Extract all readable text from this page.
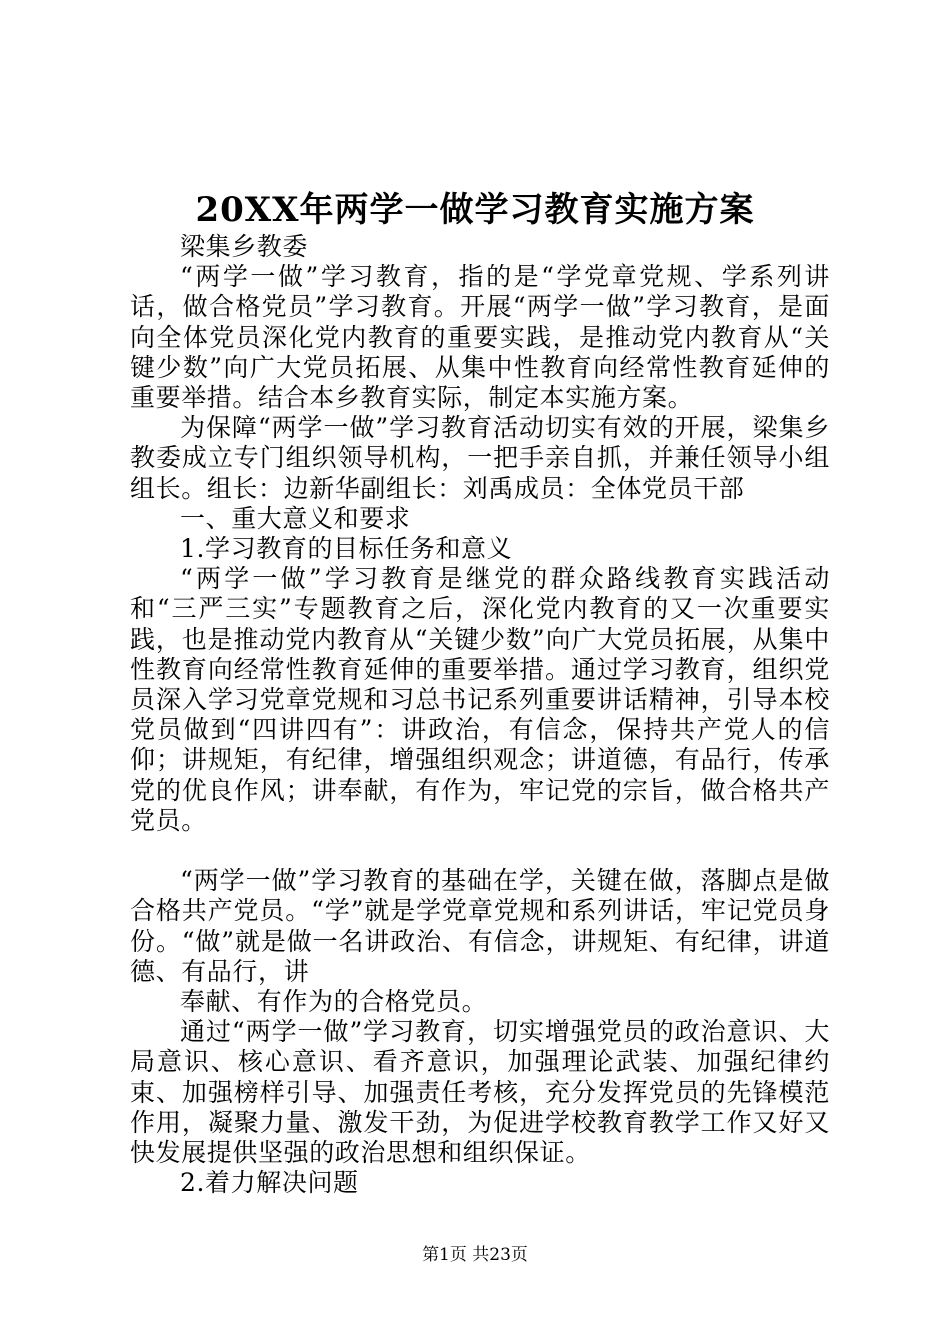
20XX年两学一做学习教育实施方案

梁集乡教委

“两学一做”学习教育，指的是“学党章党规、学系列讲话，做合格党员”学习教育。开展“两学一做”学习教育，是面向全体党员深化党内教育的重要实践，是推动党内教育从“关键少数”向广大党员拓展、从集中性教育向经常性教育延伸的重要举措。结合本乡教育实际，制定本实施方案。

为保障“两学一做”学习教育活动切实有效的开展，梁集乡教委成立专门组织领导机构，一把手亲自抓，并兼任领导小组组长。组长：边新华副组长：刘禹成员：全体党员干部

一、重大意义和要求

1.学习教育的目标任务和意义

“两学一做”学习教育是继党的群众路线教育实践活动和“三严三实”专题教育之后，深化党内教育的又一次重要实践，也是推动党内教育从“关键少数”向广大党员拓展，从集中性教育向经常性教育延伸的重要举措。通过学习教育，组织党员深入学习党章党规和习总书记系列重要讲话精神，引导本校党员做到“四讲四有”：讲政治，有信念，保持共产党人的信仰；讲规矩，有纪律，增强组织观念；讲道德，有品行，传承党的优良作风；讲奉献，有作为，牢记党的宗旨，做合格共产党员。

“两学一做”学习教育的基础在学，关键在做，落脚点是做合格共产党员。“学”就是学党章党规和系列讲话，牢记党员身份。“做”就是做一名讲政治、有信念，讲规矩、有纪律，讲道德、有品行，讲

奉献、有作为的合格党员。

通过“两学一做”学习教育，切实增强党员的政治意识、大局意识、核心意识、看齐意识，加强理论武装、加强纪律约束、加强榜样引导、加强责任考核，充分发挥党员的先锋模范作用，凝聚力量、激发干劲，为促进学校教育教学工作又好又快发展提供坚强的政治思想和组织保证。

2.着力解决问题

第1页 共23页
